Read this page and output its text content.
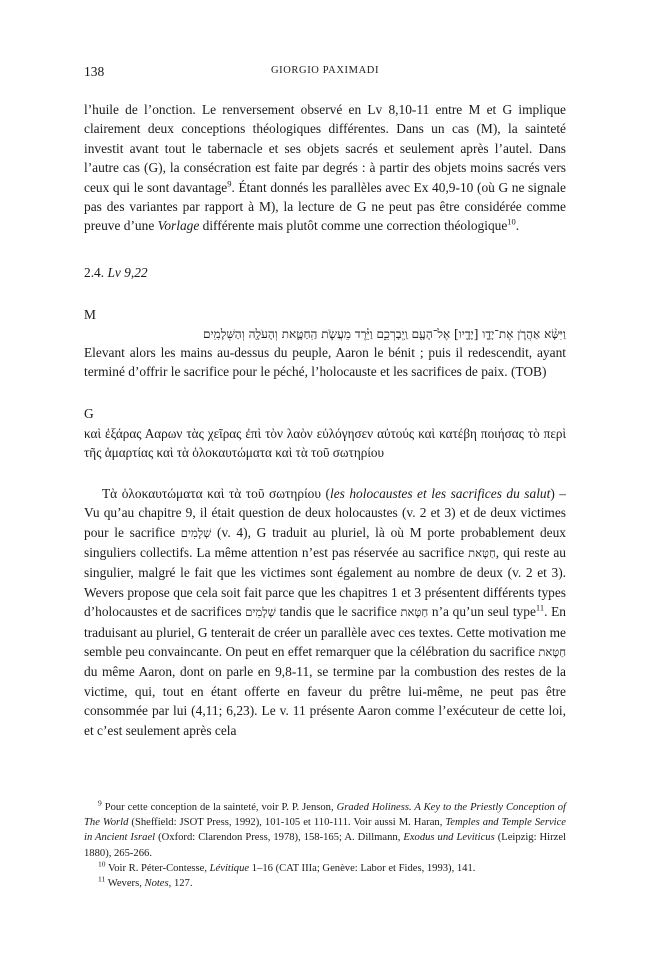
138	GIORGIO PAXIMADI

l’huile de l’onction. Le renversement observé en Lv 8,10-11 entre M et G implique clairement deux conceptions théologiques différentes. Dans un cas (M), la sainteté investit avant tout le tabernacle et ses objets sacrés et seulement après l’autel. Dans l’autre cas (G), la consécration est faite par degrés : à partir des objets moins sacrés vers ceux qui le sont davantage$^9$. Étant donnés les parallèles avec Ex 40,9-10 (où G ne signale pas des variantes par rapport à M), la lecture de G ne peut pas être considérée comme preuve d’une Vorlage différente mais plutôt comme une correction théologique$^{10}$.

2.4. Lv 9,22

M

וַיִּשָּׂ֨א אַהֲרֹ֧ן אֶת־יָדָ֛ו [יָדָ֛יו] אֶל־הָעָ֖ם וַֽיְבָרְכֵ֑ם וַיֵּ֗רֶד מֵעֲשֹׂ֧ת הַֽחַטָּ֛את וְהָעֹלָ֖ה וְהַשְּׁלָמִֽים

Elevant alors les mains au-dessus du peuple, Aaron le bénit ; puis il redescendit, ayant terminé d’offrir le sacrifice pour le péché, l’holocauste et les sacrifices de paix. (TOB)

G

καὶ ἐξάρας Ααρων τὰς χεῖρας ἐπὶ τὸν λαὸν εὐλόγησεν αὐτούς καὶ κατέβη ποιήσας τὸ περὶ τῆς ἁμαρτίας καὶ τὰ ὁλοκαυτώματα καὶ τὰ τοῦ σωτηρίου

Τὰ ὁλοκαυτώματα καὶ τὰ τοῦ σωτηρίου (les holocaustes et les sacrifices du salut) – Vu qu’au chapitre 9, il était question de deux holocaustes (v. 2 et 3) et de deux victimes pour le sacrifice שְׁלָמִים (v. 4), G traduit au pluriel, là où M porte probablement deux singuliers collectifs. La même attention n’est pas réservée au sacrifice חַטָּאת, qui reste au singulier, malgré le fait que les victimes sont également au nombre de deux (v. 2 et 3). Wevers propose que cela soit fait parce que les chapitres 1 et 3 présentent différents types d’holocaustes et de sacrifices שְׁלָמִים tandis que le sacrifice חַטָּאת n’a qu’un seul type$^{11}$. En traduisant au pluriel, G tenterait de créer un parallèle avec ces textes. Cette motivation me semble peu convaincante. On peut en effet remarquer que la célébration du sacrifice חַטָּאת du même Aaron, dont on parle en 9,8-11, se termine par la combustion des restes de la victime, qui, tout en étant offerte en faveur du prêtre lui-même, ne peut pas être consommée par lui (4,11; 6,23). Le v. 11 présente Aaron comme l’exécuteur de cette loi, et c’est seulement après cela

$^9$ Pour cette conception de la sainteté, voir P. P. Jenson, Graded Holiness. A Key to the Priestly Conception of The World (Sheffield: JSOT Press, 1992), 101-105 et 110-111. Voir aussi M. Haran, Temples and Temple Service in Ancient Israel (Oxford: Clarendon Press, 1978), 158-165; A. Dillmann, Exodus und Leviticus (Leipzig: Hirzel 1880), 265-266.

$^{10}$ Voir R. Péter-Contesse, Lévitique 1–16 (CAT IIIa; Genève: Labor et Fides, 1993), 141.

$^{11}$ Wevers, Notes, 127.
